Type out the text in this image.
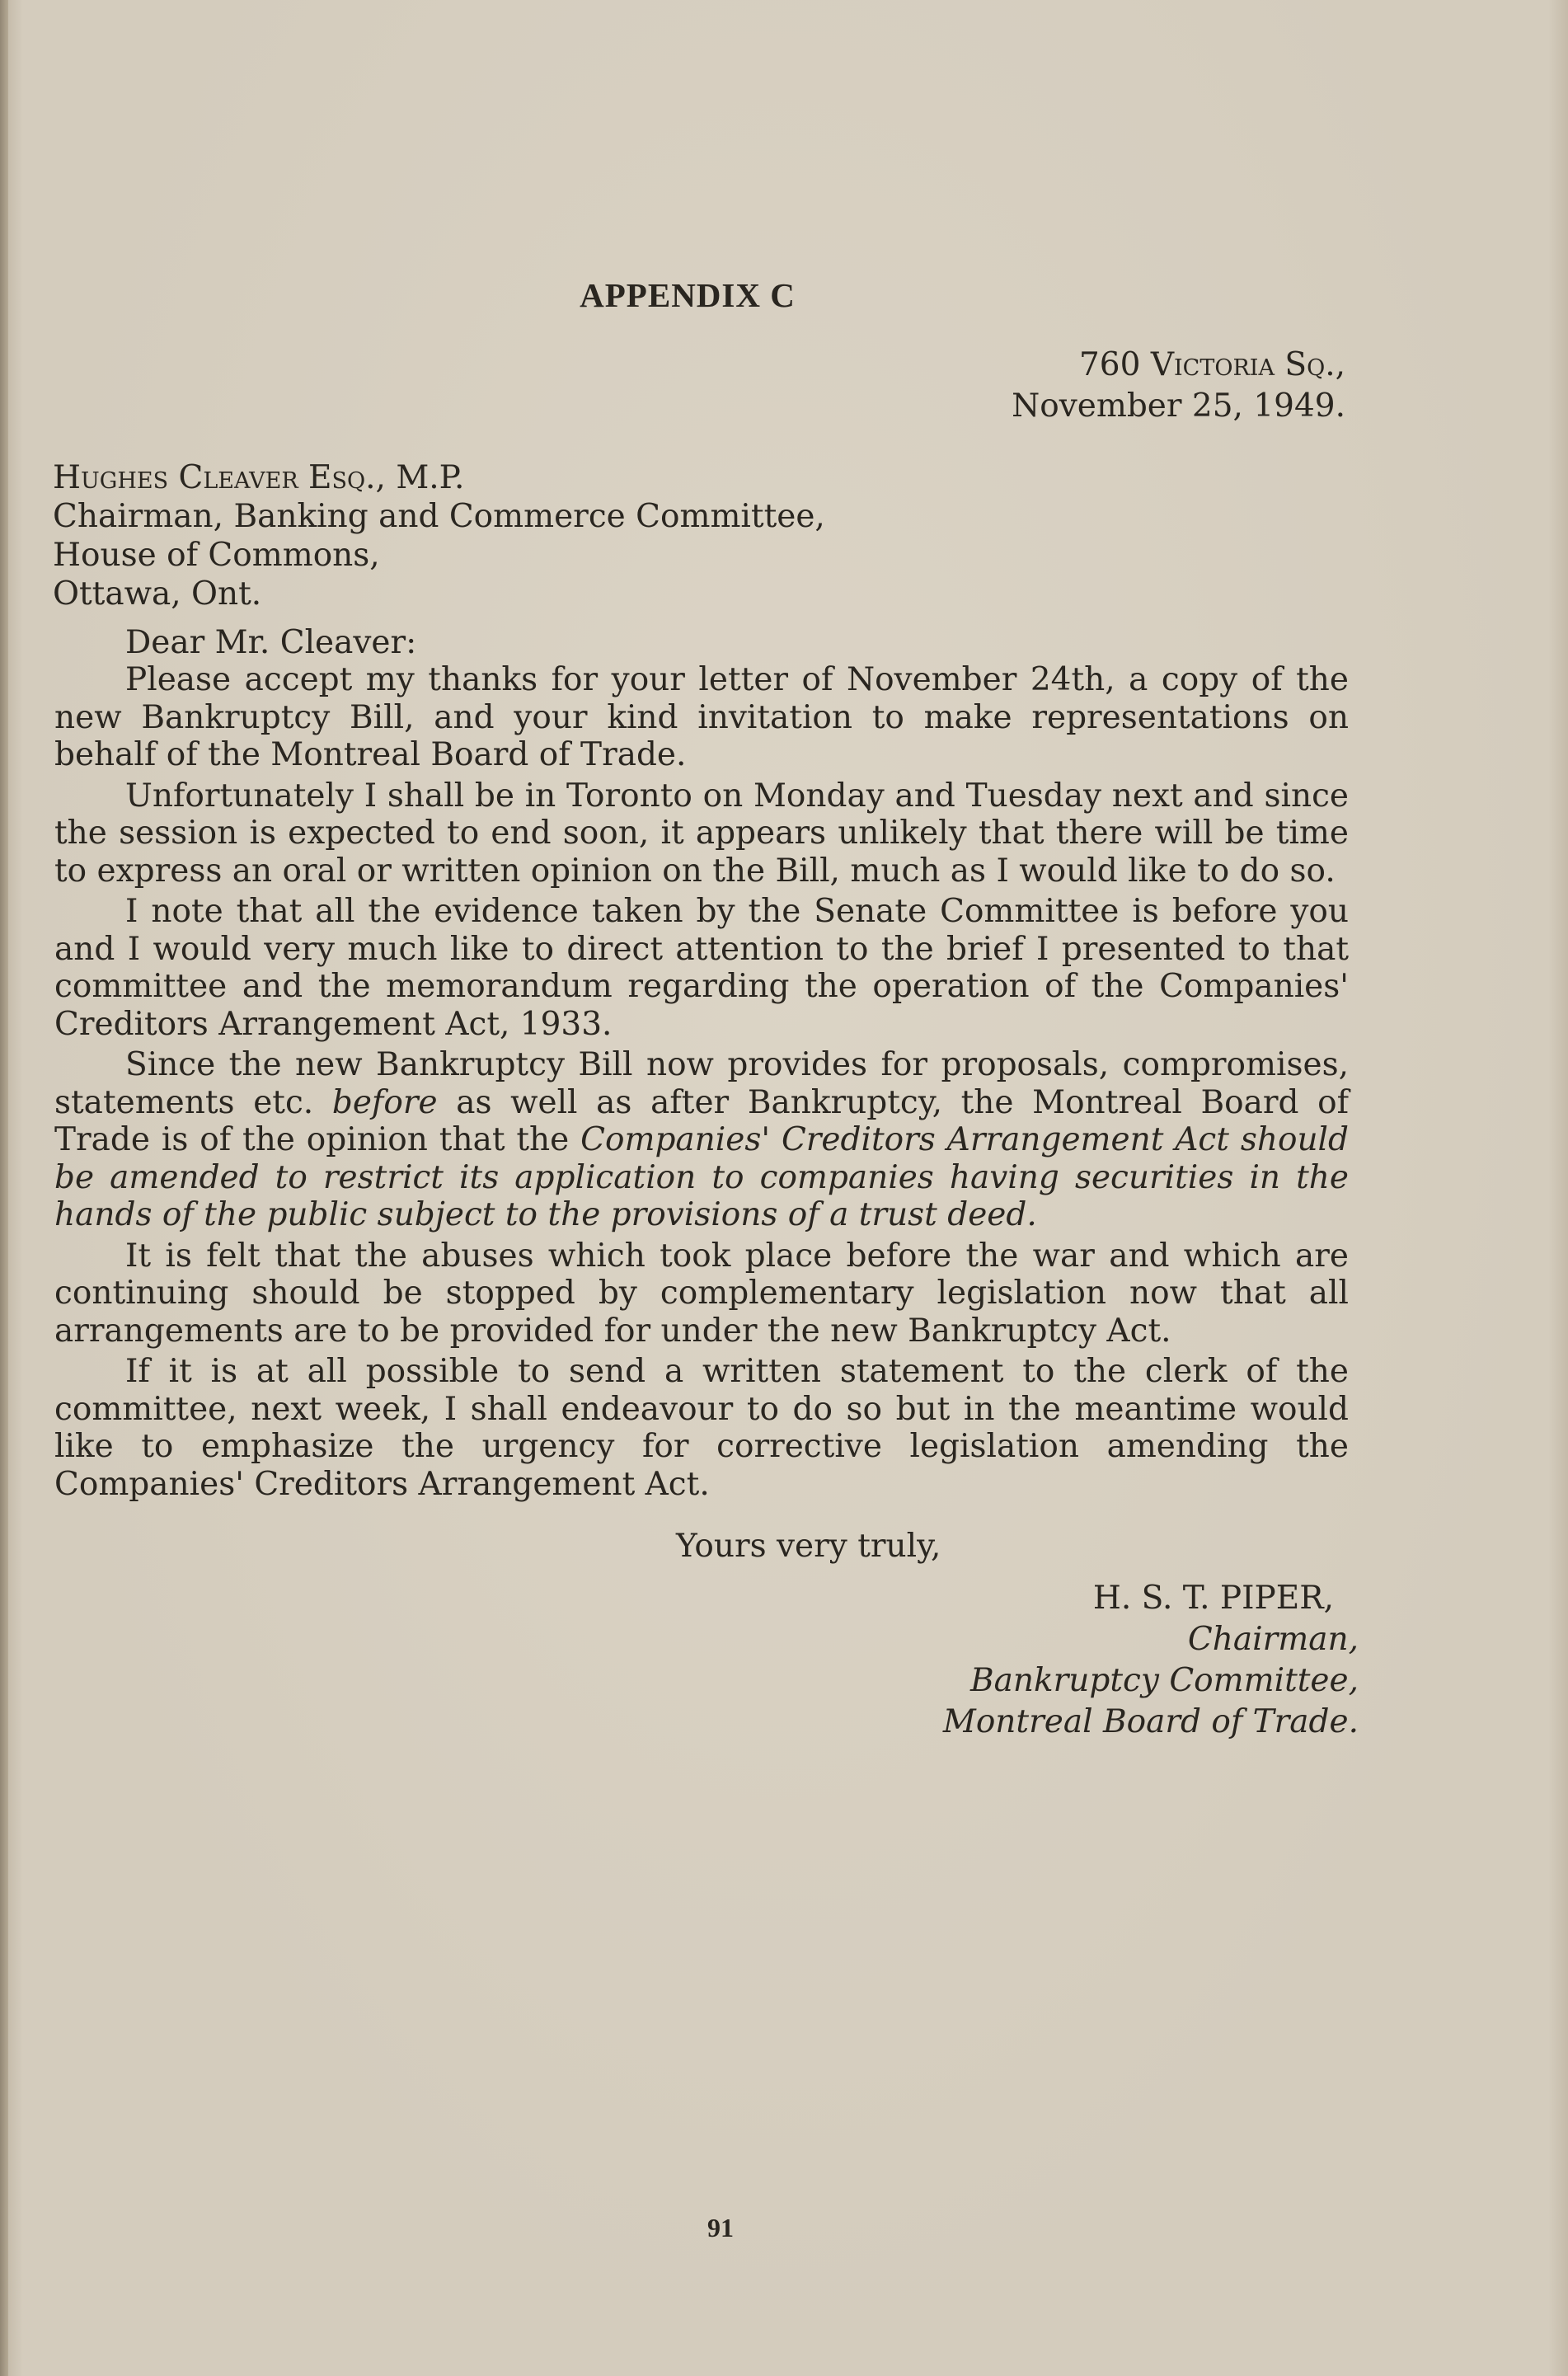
APPENDIX C
760 Victoria Sq.,
November 25, 1949.
Hughes Cleaver Esq., M.P.
Chairman, Banking and Commerce Committee,
House of Commons,
Ottawa, Ont.
Dear Mr. Cleaver:

Please accept my thanks for your letter of November 24th, a copy of the new Bankruptcy Bill, and your kind invitation to make representations on behalf of the Montreal Board of Trade.

Unfortunately I shall be in Toronto on Monday and Tuesday next and since the session is expected to end soon, it appears unlikely that there will be time to express an oral or written opinion on the Bill, much as I would like to do so.

I note that all the evidence taken by the Senate Committee is before you and I would very much like to direct attention to the brief I presented to that committee and the memorandum regarding the operation of the Companies' Creditors Arrangement Act, 1933.

Since the new Bankruptcy Bill now provides for proposals, compromises, statements etc. before as well as after Bankruptcy, the Montreal Board of Trade is of the opinion that the Companies' Creditors Arrangement Act should be amended to restrict its application to companies having securities in the hands of the public subject to the provisions of a trust deed.

It is felt that the abuses which took place before the war and which are continuing should be stopped by complementary legislation now that all arrangements are to be provided for under the new Bankruptcy Act.

If it is at all possible to send a written statement to the clerk of the committee, next week, I shall endeavour to do so but in the meantime would like to emphasize the urgency for corrective legislation amending the Companies' Creditors Arrangement Act.

Yours very truly,
H. S. T. PIPER,
Chairman,
Bankruptcy Committee,
Montreal Board of Trade.
91
